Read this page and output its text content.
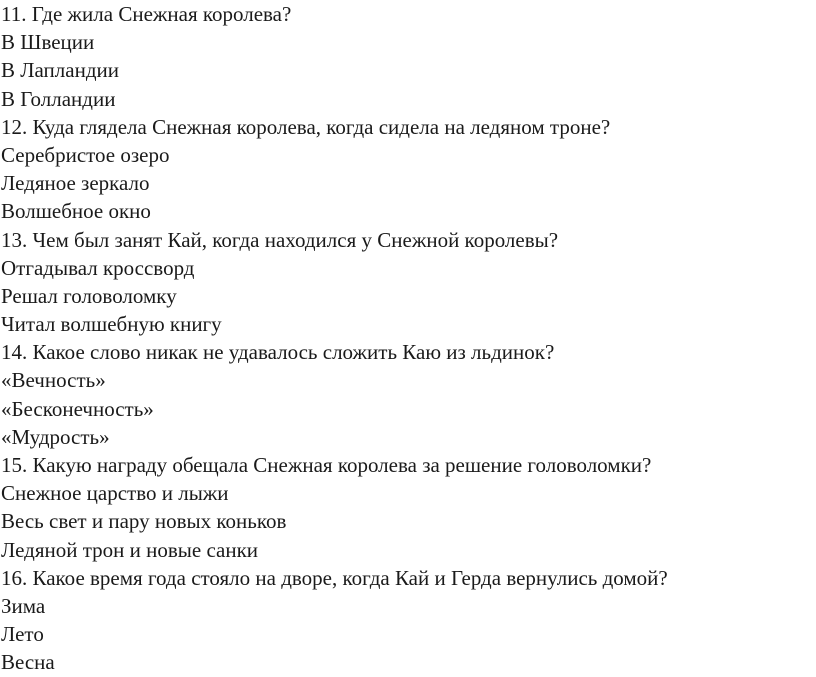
11. Где жила Снежная королева?
В Швеции
В Лапландии
В Голландии
12. Куда глядела Снежная королева, когда сидела на ледяном троне?
Серебристое озеро
Ледяное зеркало
Волшебное окно
13. Чем был занят Кай, когда находился у Снежной королевы?
Отгадывал кроссворд
Решал головоломку
Читал волшебную книгу
14. Какое слово никак не удавалось сложить Каю из льдинок?
«Вечность»
«Бесконечность»
«Мудрость»
15. Какую награду обещала Снежная королева за решение головоломки?
Снежное царство и лыжи
Весь свет и пару новых коньков
Ледяной трон и новые санки
16. Какое время года стояло на дворе, когда Кай и Герда вернулись домой?
Зима
Лето
Весна
